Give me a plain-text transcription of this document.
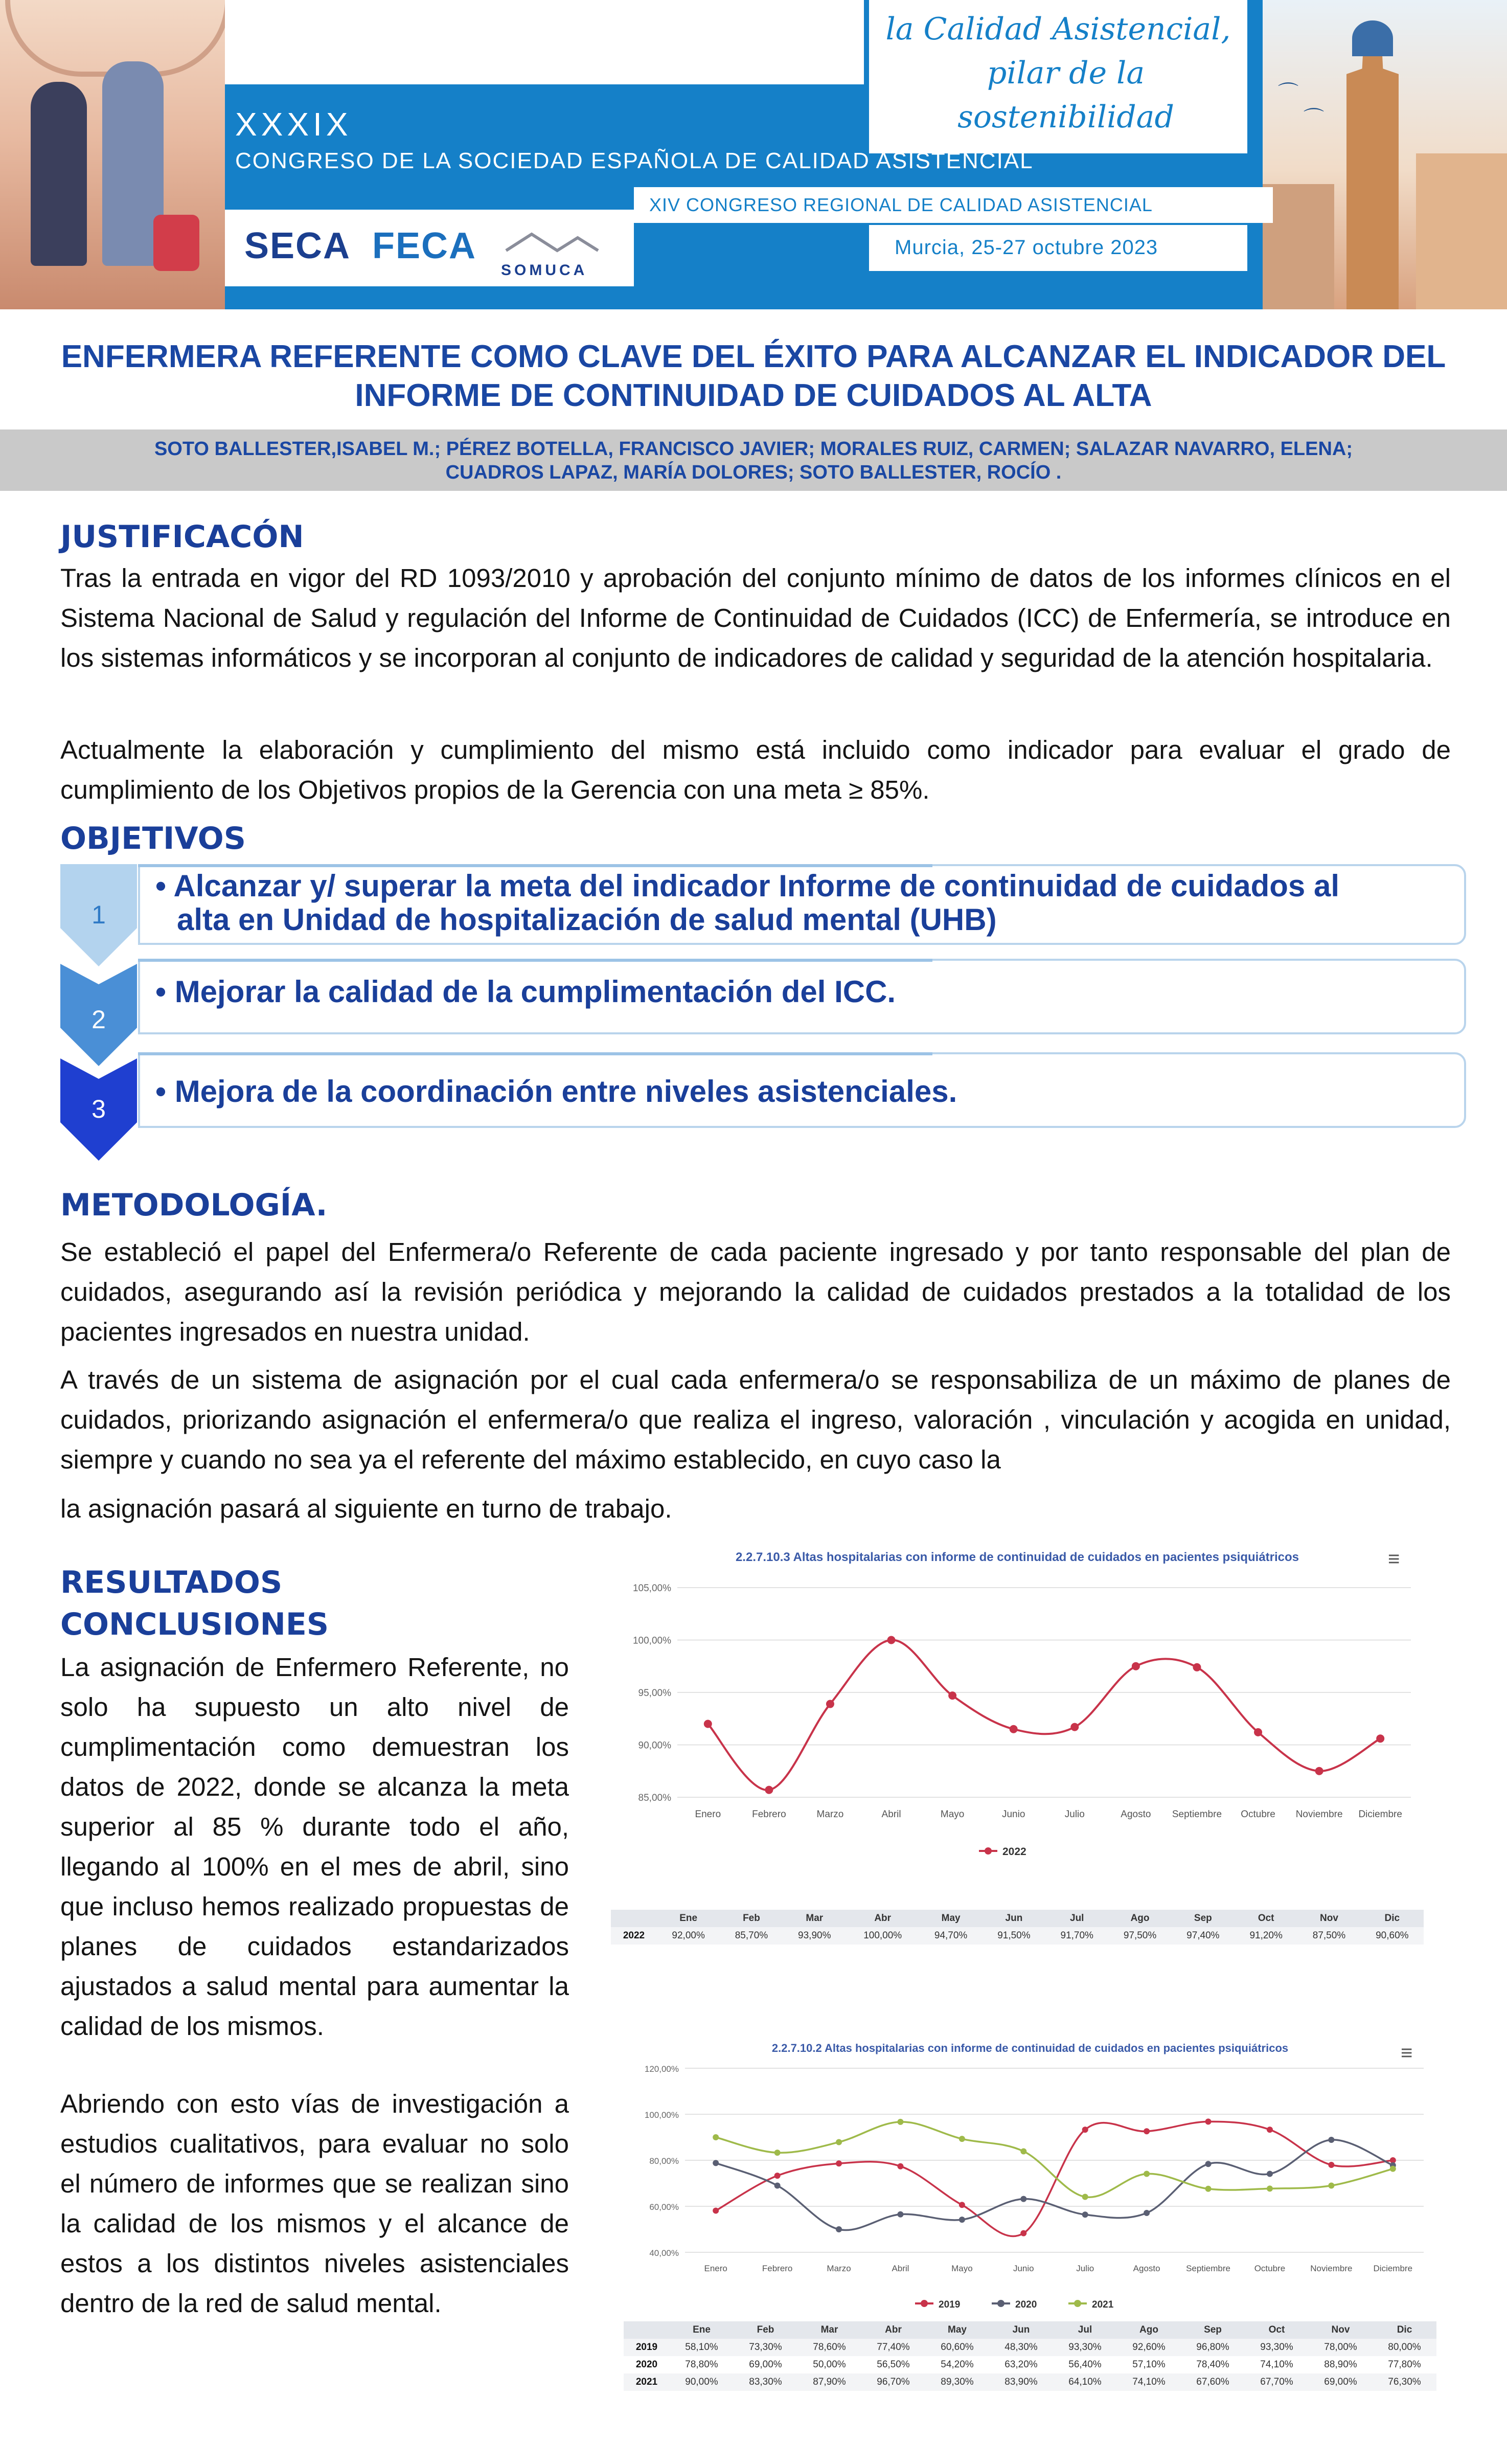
la Calidad Asistencial,
pilar de la sostenibilidad
⌒
⌒
XXXIX
CONGRESO DE LA SOCIEDAD ESPAÑOLA DE CALIDAD ASISTENCIAL
XIV CONGRESO REGIONAL DE CALIDAD ASISTENCIAL
SECA FECA
SOMUCA
Murcia, 25-27 octubre 2023
ENFERMERA REFERENTE COMO CLAVE DEL ÉXITO PARA ALCANZAR EL INDICADOR DEL
INFORME DE CONTINUIDAD DE CUIDADOS AL ALTA
SOTO BALLESTER,ISABEL M.; PÉREZ BOTELLA, FRANCISCO JAVIER; MORALES RUIZ, CARMEN; SALAZAR NAVARRO, ELENA;
CUADROS LAPAZ, MARÍA DOLORES; SOTO BALLESTER, ROCÍO .
JUSTIFICACÓN
Tras la entrada en vigor del RD 1093/2010 y aprobación del conjunto mínimo de datos de los informes clínicos en el Sistema Nacional de Salud y regulación del Informe de Continuidad de Cuidados (ICC) de Enfermería, se introduce en los sistemas informáticos y se incorporan al conjunto de indicadores de calidad y seguridad de la atención hospitalaria.
Actualmente la elaboración y cumplimiento del mismo está incluido como indicador para evaluar el grado de cumplimiento de los Objetivos propios de la Gerencia con una meta ≥ 85%.
OBJETIVOS
1
2
3
• Alcanzar y/ superar la meta del indicador Informe de continuidad de cuidados al
alta en Unidad de hospitalización de salud mental (UHB)
• Mejorar la calidad de la cumplimentación del ICC.
• Mejora de la coordinación entre niveles asistenciales.
METODOLOGÍA.
Se estableció el papel del Enfermera/o Referente de cada paciente ingresado y por tanto responsable del plan de cuidados, asegurando así la revisión periódica y mejorando la calidad de cuidados prestados a la totalidad de los pacientes ingresados en nuestra unidad.
A través de un sistema de asignación por el cual cada enfermera/o se responsabiliza de un máximo de planes de cuidados, priorizando asignación el enfermera/o que realiza el ingreso, valoración , vinculación y acogida en unidad, siempre y cuando no sea ya el referente del máximo establecido, en cuyo caso la
la asignación pasará al siguiente en turno de trabajo.
RESULTADOS
CONCLUSIONES
La asignación de Enfermero Referente, no solo ha supuesto un alto nivel de cumplimentación como demuestran los datos de 2022, donde se alcanza la meta superior al 85 % durante todo el año, llegando al 100% en el mes de abril, sino que incluso hemos realizado propuestas de planes de cuidados estandarizados ajustados a salud mental para aumentar la calidad de los mismos.
Abriendo con esto vías de investigación a estudios cualitativos, para evaluar no solo el número de informes que se realizan sino la calidad de los mismos y el alcance de estos a los distintos niveles asistenciales dentro de la red de salud mental.
2.2.7.10.3 Altas hospitalarias con informe de continuidad de cuidados en pacientes psiquiátricos
105,00%
100,00%
95,00%
90,00%
85,00%
Enero	Febrero	Marzo	Abril	Mayo	Junio	Julio	Agosto Septiembre Octubre Noviembre Diciembre
2022
≡
	Ene	Feb	Mar	Abr	May	Jun	Jul	Ago	Sep	Oct	Nov	Dic
2022	92,00%	85,70%	93,90%	100,00%	94,70%	91,50%	91,70%	97,50%	97,40%	91,20%	87,50%	90,60%
2.2.7.10.2 Altas hospitalarias con informe de continuidad de cuidados en pacientes psiquiátricos
120,00%
100,00%
80,00%
60,00%
40,00%
Enero	Febrero	Marzo	Abril	Mayo	Junio	Julio	Agosto	Septiembre	Octubre	Noviembre Diciembre
2019	2020	2021
≡
	Ene	Feb	Mar	Abr	May	Jun	Jul	Ago	Sep	Oct	Nov	Dic
2019	58,10%	73,30%	78,60%	77,40%	60,60%	48,30%	93,30%	92,60%	96,80%	93,30%	78,00%	80,00%
2020	78,80%	69,00%	50,00%	56,50%	54,20%	63,20%	56,40%	57,10%	78,40%	74,10%	88,90%	77,80%
2021	90,00%	83,30%	87,90%	96,70%	89,30%	83,90%	64,10%	74,10%	67,60%	67,70%	69,00%	76,30%
